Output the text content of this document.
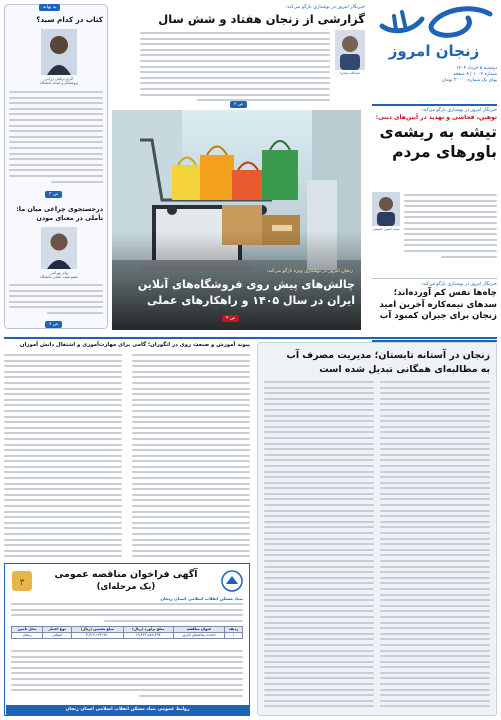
زنجان امروز
دوشنبه ۵ خرداد ۱۴۰۴
شماره ۱۰۰۷ | ۸ صفحه
بهای تک شماره ۳۰۰۰۰ تومان
خبرنگار امروز در نوشتاری بازگو می‌کند:
توهین، فحاشی و تهدید در آیین‌های دینی:
تیشه به ریشه‌ی باورهای مردم
سید حسن حسینی
خبرنگار امروز در نوشتاری بازگو می‌کند:
چاه‌ها نفس کم آورده‌اند؛ سدهای نیمه‌کاره آخرین امید زنجان برای جبران کمبود آب
خبرنگار امروز در نوشتاری بازگو می‌کند:
گزارشی از زنجان هفتاد و شش سال
عبدالله بیچاره
ص ۲
زنجان امروز در نوشتاری ویژه بازگو می‌کند:
چالش‌های پیش روی فروشگاه‌های آنلاین
ایران در سال ۱۴۰۵ و راهکارهای عملی
ص ۴
به بهانه
کتاب در کدام سبد؟
اکرم برقعی زرابی
پژوهشگر و استاد دانشگاه
ص ۳
درجستجوی چراغی میان ما: تأملی در معنای مودن
پیام بهرامی
عضو هیئت علمی دانشگاه
ص ۷
زنجان در آستانه تابستان؛ مدیریت مصرف آب
به مطالبه‌ای همگانی تبدیل شده است
پیوند آموزش و صنعت روی در انگوران؛ گامی برای مهارت‌آموزی و اشتغال دانش آموزان
۳
آگهی فراخوان مناقصه عمومی
(یک مرحله‌ای)
بنیاد مسکن انقلاب اسلامی استان زنجان
ردیف	عنوان مناقصه	مبلغ برآورد (ریال)	مبلغ تضمین (ریال)	نوع اعتبار	محل تأمین
۱	احداث ساختمان اداری	۶۹,۳۲۲,۸۷۸,۳۹۳	۳,۴۶۶,۱۴۳,۹۲۰	استانی	زنجان
روابط عمومی بنیاد مسکن انقلاب اسلامی استان زنجان
